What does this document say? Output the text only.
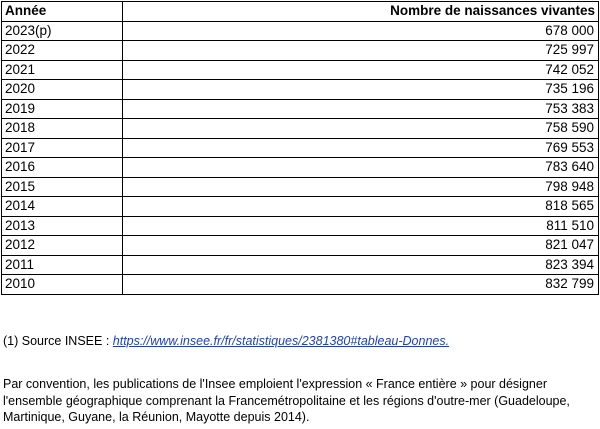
Année	Nombre de naissances vivantes
2023(p)	678 000
2022	725 997
2021	742 052
2020	735 196
2019	753 383
2018	758 590
2017	769 553
2016	783 640
2015	798 948
2014	818 565
2013	811 510
2012	821 047
2011	823 394
2010	832 799
(1) Source INSEE : https://www.insee.fr/fr/statistiques/2381380#tableau-Donnes.
Par convention, les publications de l'Insee emploient l'expression « France entière » pour désigner l'ensemble géographique comprenant la Francemétropolitaine et les régions d'outre-mer (Guadeloupe, Martinique, Guyane, la Réunion, Mayotte depuis 2014).
